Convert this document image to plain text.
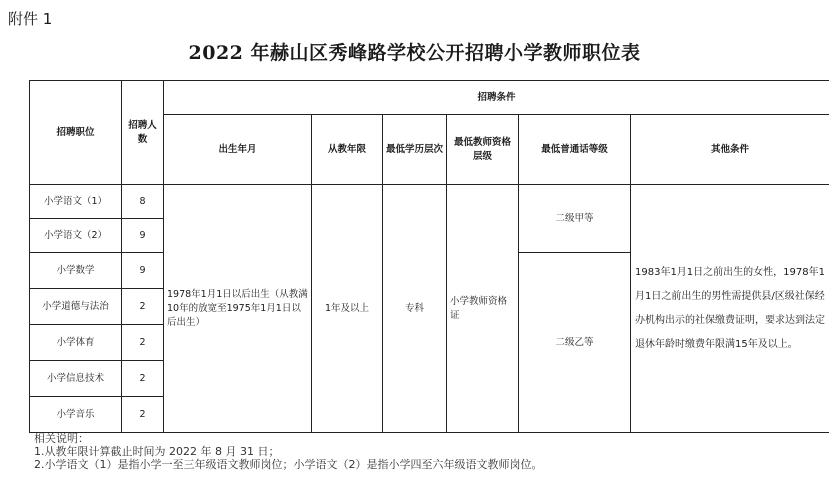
附件 1
2022 年赫山区秀峰路学校公开招聘小学教师职位表
招聘职位	招聘人数	招聘条件					
		出生年月	从教年限	最低学历层次	最低教师资格层级	最低普通话等级	其他条件
小学语文（1）	8	1978年1月1日以后出生（从教满10年的放宽至1975年1月1日以后出生）	1年及以上	专科	小学教师资格证	二级甲等	1983年1月1日之前出生的女性，1978年1月1日之前出生的男性需提供县/区级社保经办机构出示的社保缴费证明，要求达到法定退休年龄时缴费年限满15年及以上。
小学语文（2）	9						
小学数学	9					二级乙等	
小学道德与法治	2						
小学体育	2						
小学信息技术	2						
小学音乐	2						
相关说明：
1.从教年限计算截止时间为 2022 年 8 月 31 日；
2.小学语文（1）是指小学一至三年级语文教师岗位；小学语文（2）是指小学四至六年级语文教师岗位。
